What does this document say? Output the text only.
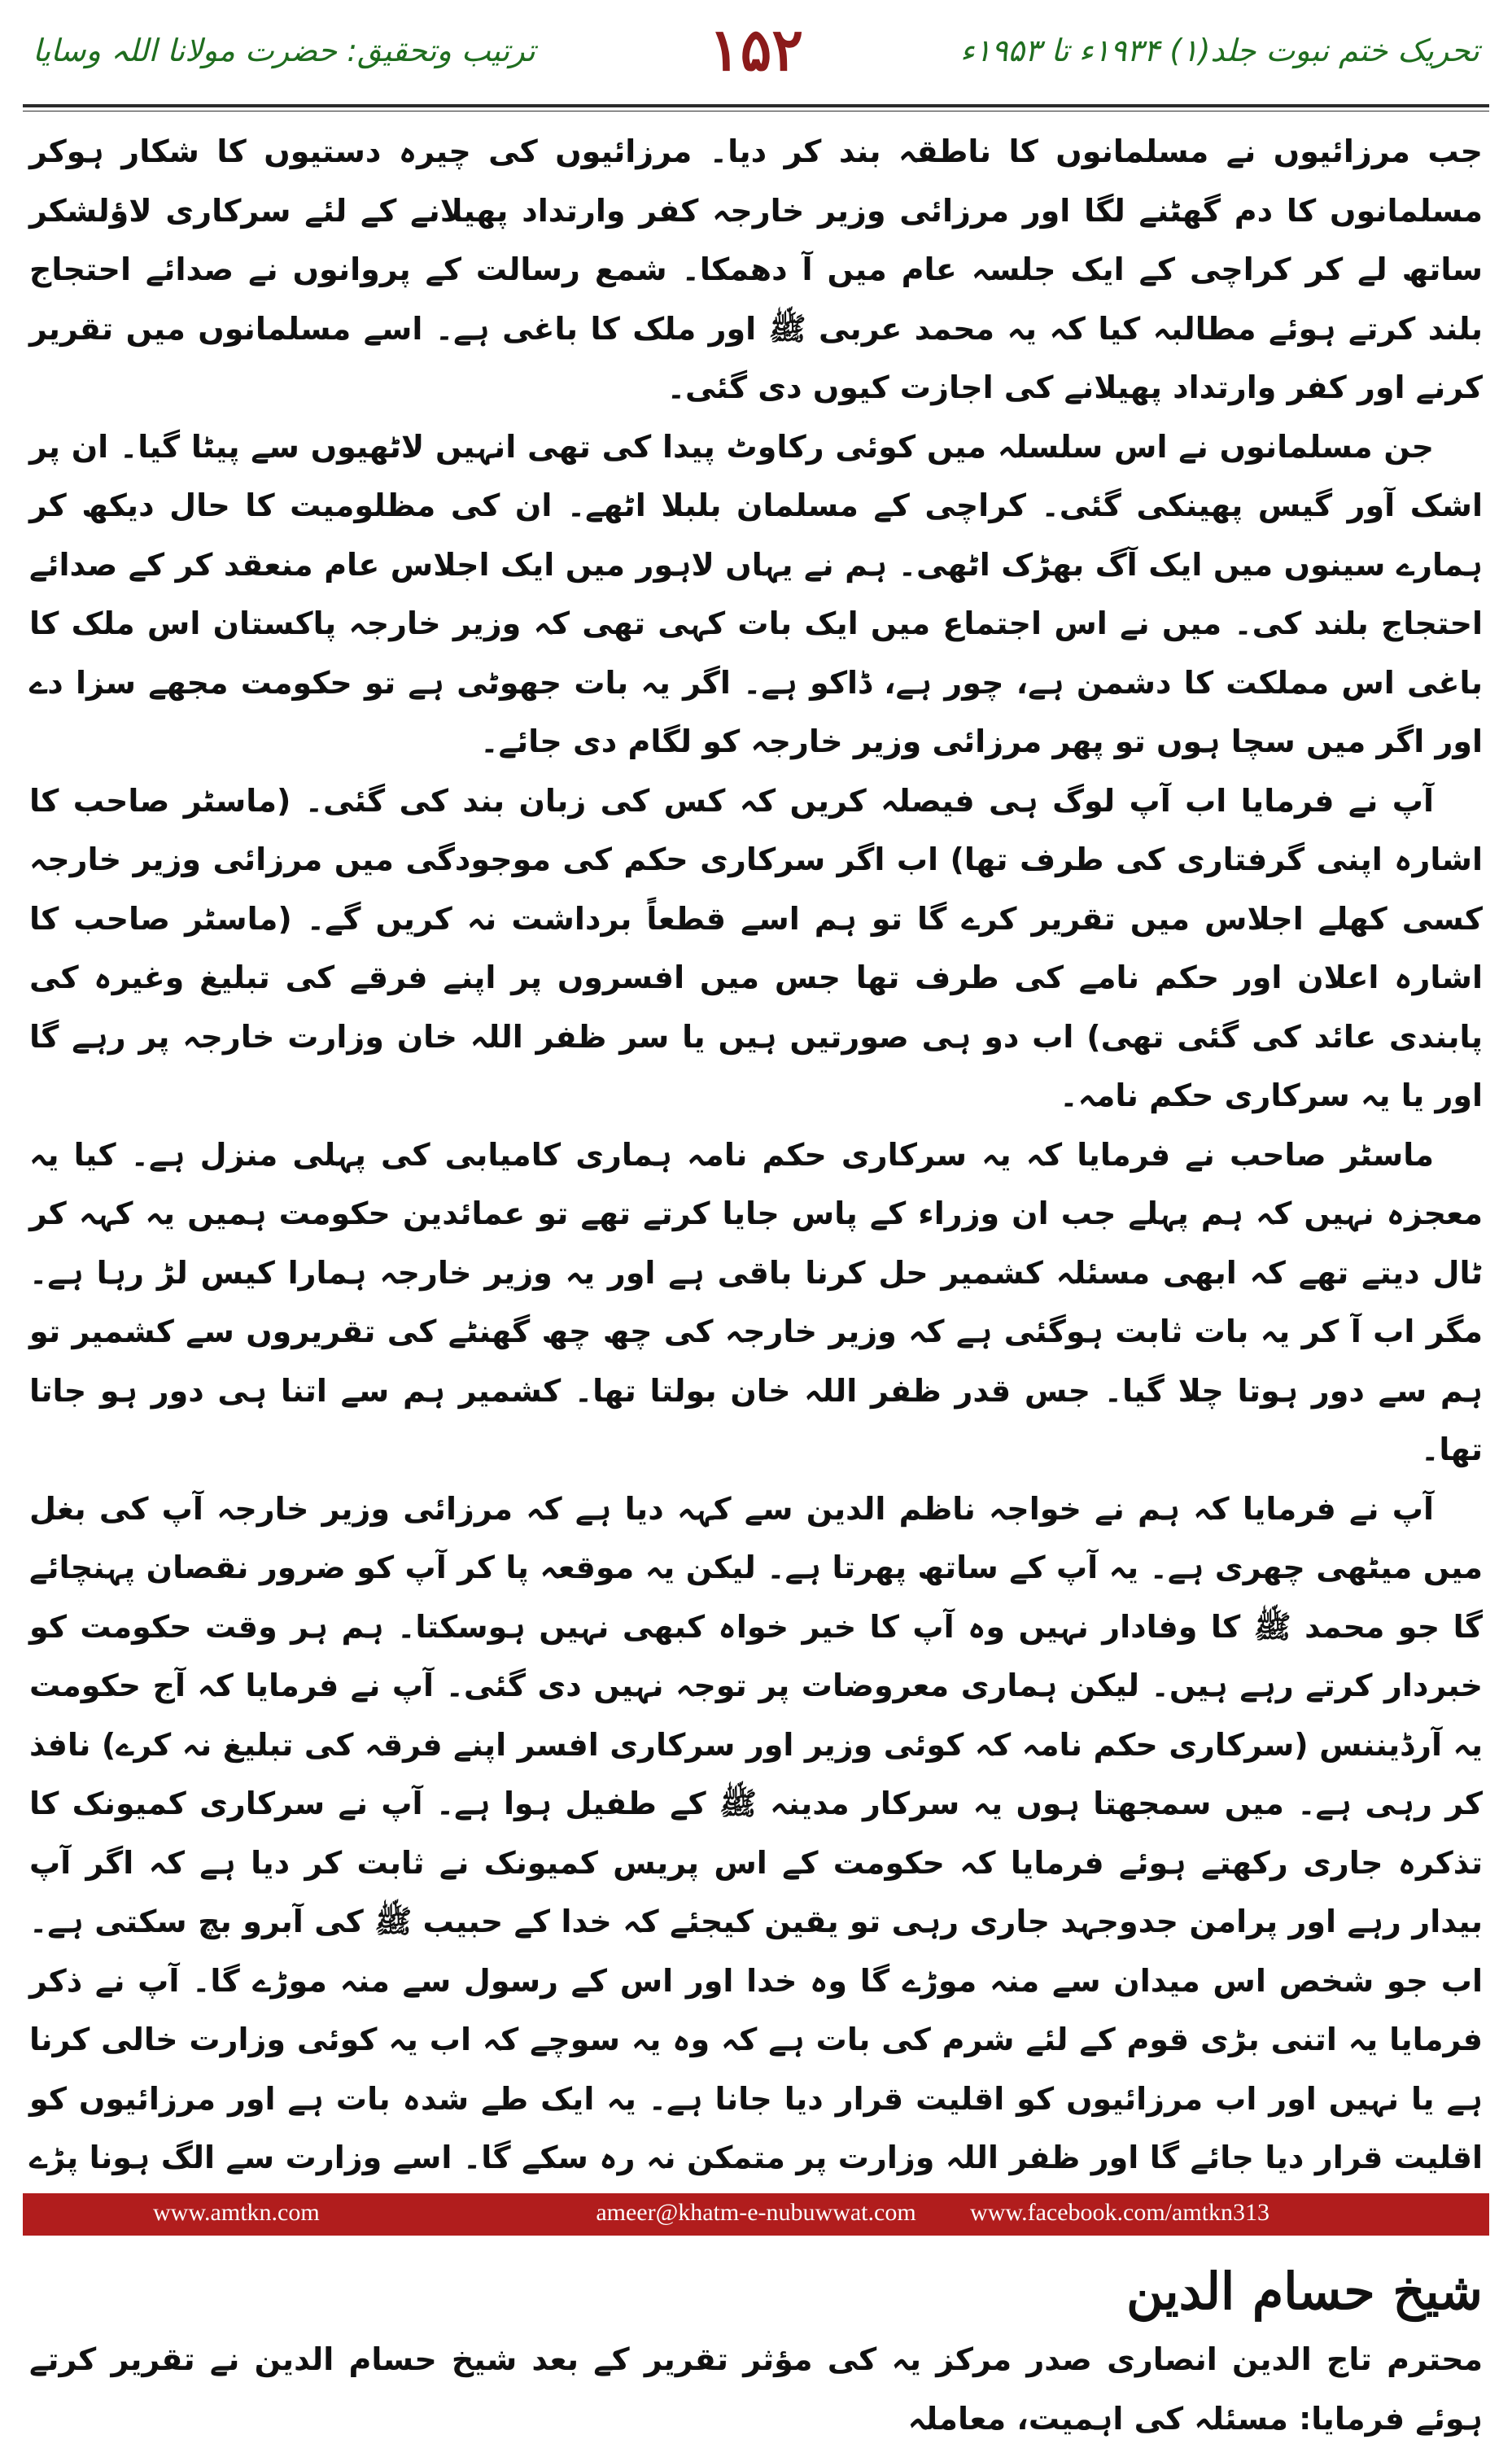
تحریک ختم نبوت جلد(۱) ۱۹۳۴ء تا ۱۹۵۳ء
۱۵۲
ترتیب وتحقیق: حضرت مولانا اللہ وسایا

جب مرزائیوں نے مسلمانوں کا ناطقہ بند کر دیا۔ مرزائیوں کی چیرہ دستیوں کا شکار ہوکر مسلمانوں کا دم گھٹنے لگا اور مرزائی وزیر خارجہ کفر وارتداد پھیلانے کے لئے سرکاری لاؤلشکر ساتھ لے کر کراچی کے ایک جلسہ عام میں آ دھمکا۔ شمع رسالت کے پروانوں نے صدائے احتجاج بلند کرتے ہوئے مطالبہ کیا کہ یہ محمد عربی ﷺ اور ملک کا باغی ہے۔ اسے مسلمانوں میں تقریر کرنے اور کفر وارتداد پھیلانے کی اجازت کیوں دی گئی۔

جن مسلمانوں نے اس سلسلہ میں کوئی رکاوٹ پیدا کی تھی انہیں لاٹھیوں سے پیٹا گیا۔ ان پر اشک آور گیس پھینکی گئی۔ کراچی کے مسلمان بلبلا اٹھے۔ ان کی مظلومیت کا حال دیکھ کر ہمارے سینوں میں ایک آگ بھڑک اٹھی۔ ہم نے یہاں لاہور میں ایک اجلاس عام منعقد کر کے صدائے احتجاج بلند کی۔ میں نے اس اجتماع میں ایک بات کہی تھی کہ وزیر خارجہ پاکستان اس ملک کا باغی اس مملکت کا دشمن ہے، چور ہے، ڈاکو ہے۔ اگر یہ بات جھوٹی ہے تو حکومت مجھے سزا دے اور اگر میں سچا ہوں تو پھر مرزائی وزیر خارجہ کو لگام دی جائے۔

آپ نے فرمایا اب آپ لوگ ہی فیصلہ کریں کہ کس کی زبان بند کی گئی۔ (ماسٹر صاحب کا اشارہ اپنی گرفتاری کی طرف تھا) اب اگر سرکاری حکم کی موجودگی میں مرزائی وزیر خارجہ کسی کھلے اجلاس میں تقریر کرے گا تو ہم اسے قطعاً برداشت نہ کریں گے۔ (ماسٹر صاحب کا اشارہ اعلان اور حکم نامے کی طرف تھا جس میں افسروں پر اپنے فرقے کی تبلیغ وغیرہ کی پابندی عائد کی گئی تھی) اب دو ہی صورتیں ہیں یا سر ظفر اللہ خان وزارت خارجہ پر رہے گا اور یا یہ سرکاری حکم نامہ۔

ماسٹر صاحب نے فرمایا کہ یہ سرکاری حکم نامہ ہماری کامیابی کی پہلی منزل ہے۔ کیا یہ معجزہ نہیں کہ ہم پہلے جب ان وزراء کے پاس جایا کرتے تھے تو عمائدین حکومت ہمیں یہ کہہ کر ٹال دیتے تھے کہ ابھی مسئلہ کشمیر حل کرنا باقی ہے اور یہ وزیر خارجہ ہمارا کیس لڑ رہا ہے۔ مگر اب آ کر یہ بات ثابت ہوگئی ہے کہ وزیر خارجہ کی چھ چھ گھنٹے کی تقریروں سے کشمیر تو ہم سے دور ہوتا چلا گیا۔ جس قدر ظفر اللہ خان بولتا تھا۔ کشمیر ہم سے اتنا ہی دور ہو جاتا تھا۔

آپ نے فرمایا کہ ہم نے خواجہ ناظم الدین سے کہہ دیا ہے کہ مرزائی وزیر خارجہ آپ کی بغل میں میٹھی چھری ہے۔ یہ آپ کے ساتھ پھرتا ہے۔ لیکن یہ موقعہ پا کر آپ کو ضرور نقصان پہنچائے گا جو محمد ﷺ کا وفادار نہیں وہ آپ کا خیر خواہ کبھی نہیں ہوسکتا۔ ہم ہر وقت حکومت کو خبردار کرتے رہے ہیں۔ لیکن ہماری معروضات پر توجہ نہیں دی گئی۔ آپ نے فرمایا کہ آج حکومت یہ آرڈیننس (سرکاری حکم نامہ کہ کوئی وزیر اور سرکاری افسر اپنے فرقہ کی تبلیغ نہ کرے) نافذ کر رہی ہے۔ میں سمجھتا ہوں یہ سرکار مدینہ ﷺ کے طفیل ہوا ہے۔ آپ نے سرکاری کمیونک کا تذکرہ جاری رکھتے ہوئے فرمایا کہ حکومت کے اس پریس کمیونک نے ثابت کر دیا ہے کہ اگر آپ بیدار رہے اور پرامن جدوجہد جاری رہی تو یقین کیجئے کہ خدا کے حبیب ﷺ کی آبرو بچ سکتی ہے۔ اب جو شخص اس میدان سے منہ موڑے گا وہ خدا اور اس کے رسول سے منہ موڑے گا۔ آپ نے ذکر فرمایا یہ اتنی بڑی قوم کے لئے شرم کی بات ہے کہ وہ یہ سوچے کہ اب یہ کوئی وزارت خالی کرنا ہے یا نہیں اور اب مرزائیوں کو اقلیت قرار دیا جانا ہے۔ یہ ایک طے شدہ بات ہے اور مرزائیوں کو اقلیت قرار دیا جائے گا اور ظفر اللہ وزارت پر متمکن نہ رہ سکے گا۔ اسے وزارت سے الگ ہونا پڑے

شیخ حسام الدین

محترم تاج الدین انصاری صدر مرکز یہ کی مؤثر تقریر کے بعد شیخ حسام الدین نے تقریر کرتے ہوئے فرمایا: مسئلہ کی اہمیت، معاملہ

ameer@khatm-e-nubuwwat.com
www.amtkn.com	www.facebook.com/amtkn313
